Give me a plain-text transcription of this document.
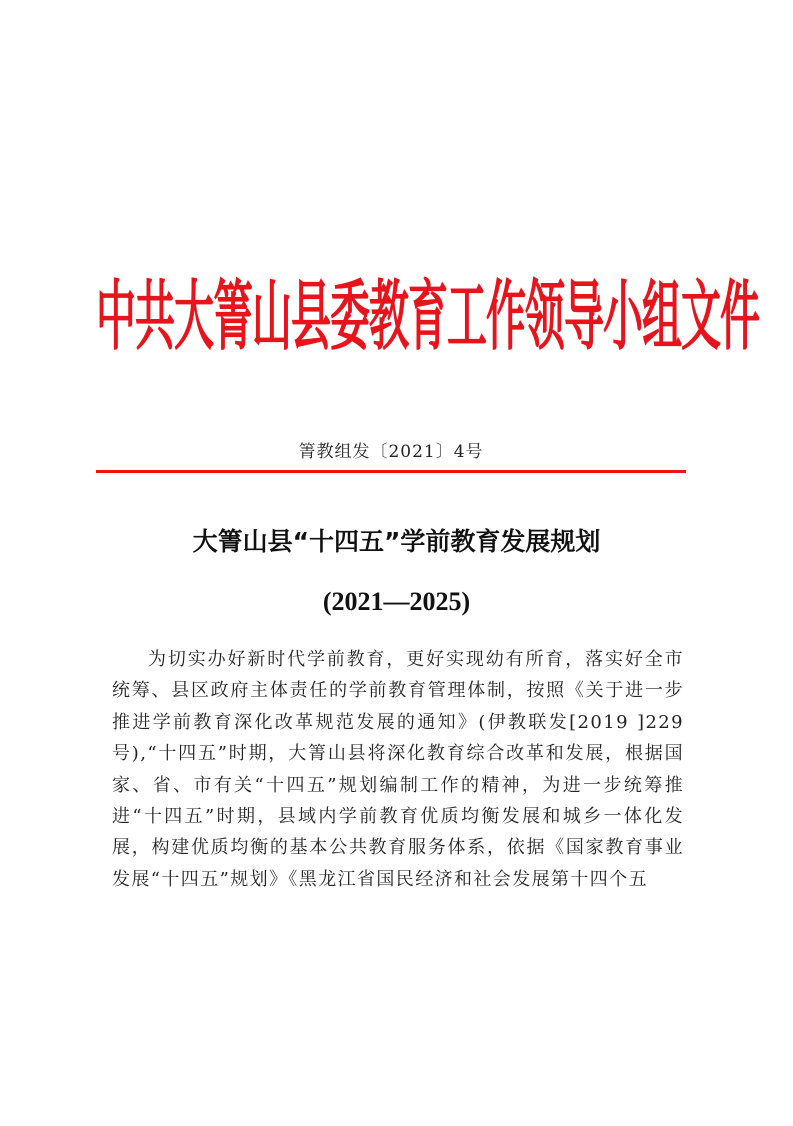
中共大箐山县委教育工作领导小组文件
箐教组发〔2021〕4号
大箐山县“十四五”学前教育发展规划
(2021—2025)

为切实办好新时代学前教育，更好实现幼有所育，落实好全市统筹、县区政府主体责任的学前教育管理体制，按照《关于进一步推进学前教育深化改革规范发展的通知》(伊教联发[2019 ]229号),“十四五”时期，大箐山县将深化教育综合改革和发展，根据国家、省、市有关“十四五”规划编制工作的精神，为进一步统筹推进“十四五”时期，县域内学前教育优质均衡发展和城乡一体化发展，构建优质均衡的基本公共教育服务体系，依据《国家教育事业发展“十四五”规划》《黑龙江省国民经济和社会发展第十四个五
